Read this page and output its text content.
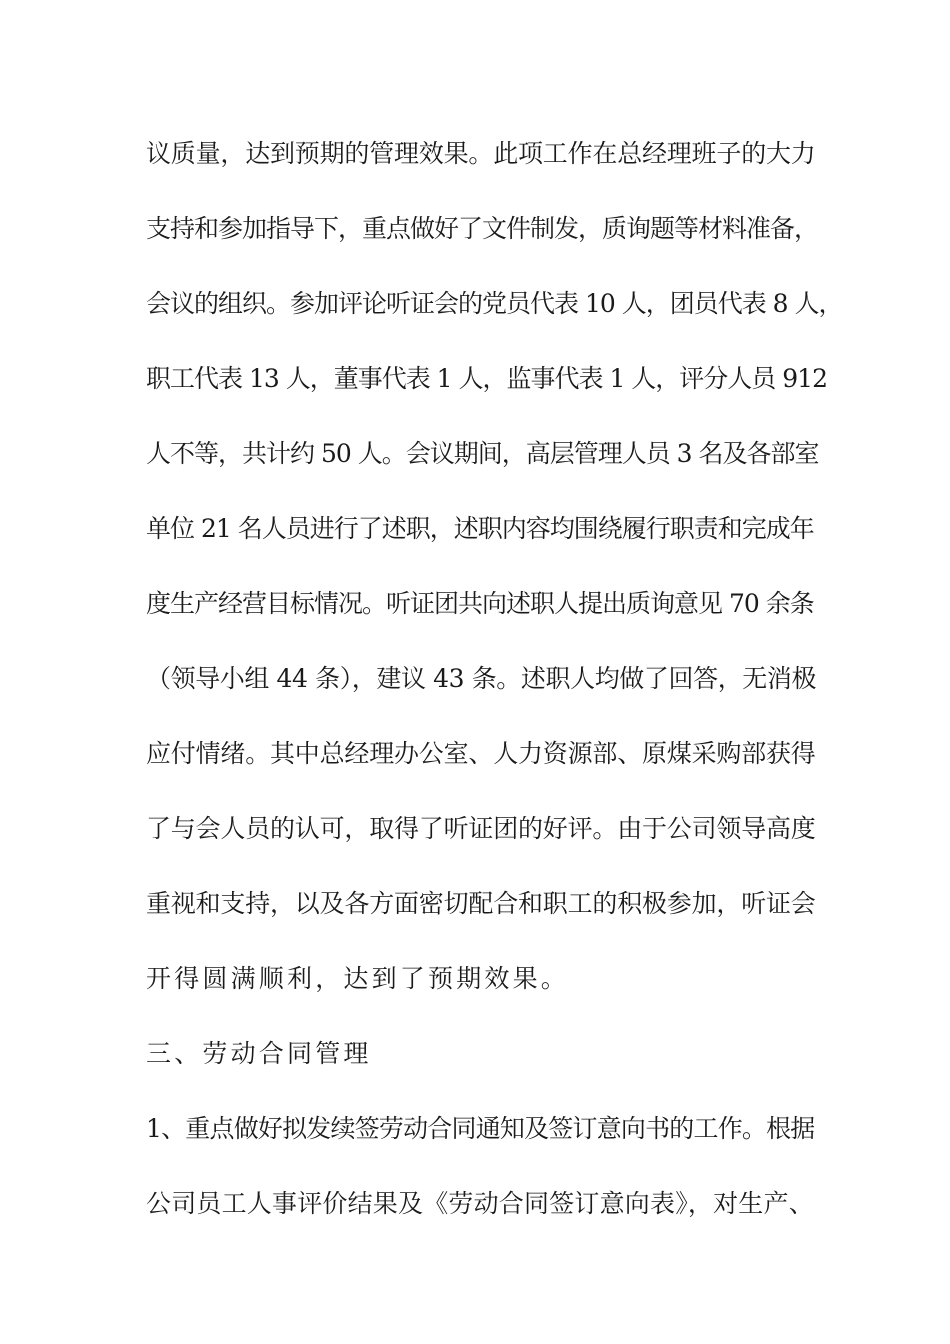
议质量，达到预期的管理效果。此项工作在总经理班子的大力
支持和参加指导下，重点做好了文件制发，质询题等材料准备，
会议的组织。参加评论听证会的党员代表 10 人，团员代表 8 人，
职工代表 13 人，董事代表 1 人，监事代表 1 人，评分人员 912
人不等，共计约 50 人。会议期间，高层管理人员 3 名及各部室
单位 21 名人员进行了述职，述职内容均围绕履行职责和完成年
度生产经营目标情况。听证团共向述职人提出质询意见 70 余条
（领导小组 44 条），建议 43 条。述职人均做了回答，无消极
应付情绪。其中总经理办公室、人力资源部、原煤采购部获得
了与会人员的认可，取得了听证团的好评。由于公司领导高度
重视和支持，以及各方面密切配合和职工的积极参加，听证会
开得圆满顺利，达到了预期效果。
三、劳动合同管理
1、重点做好拟发续签劳动合同通知及签订意向书的工作。根据
公司员工人事评价结果及《劳动合同签订意向表》，对生产、
